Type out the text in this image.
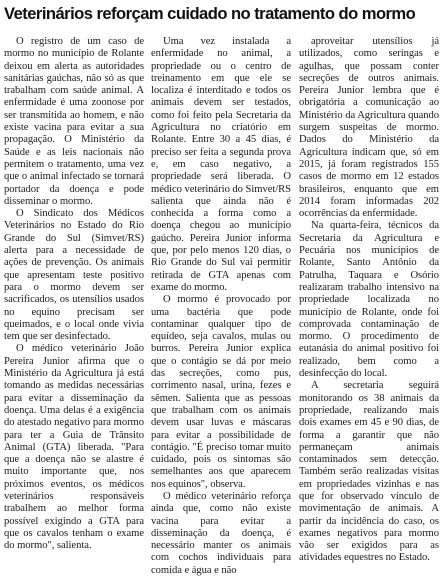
Veterinários reforçam cuidado no tratamento do mormo

O registro de um caso de mormo no município de Rolante deixou em alerta as autoridades sanitárias gaúchas, não só as que trabalham com saúde animal. A enfermidade é uma zoonose por ser transmitida ao homem, e não existe vacina para evitar a sua propagação. O Ministério da Saúde e as leis nacionais não permitem o tratamento, uma vez que o animal infectado se tornará portador da doença e pode disseminar o mormo.

O Sindicato dos Médicos Veterinários no Estado do Rio Grande do Sul (Simvet/RS) alerta para a necessidade de ações de prevenção. Os animais que apresentam teste positivo para o mormo devem ser sacrificados, os utensílios usados no equino precisam ser queimados, e o local onde vivia tem que ser desinfectado.

O médico veterinário João Pereira Junior afirma que o Ministério da Agricultura já está tomando as medidas necessárias para evitar a disseminação da doença. Uma delas é a exigência do atestado negativo para mormo para ter a Guia de Trânsito Animal (GTA) liberada. "Para que a doença não se alastre é muito importante que, nos próximos eventos, os médicos veterinários responsáveis trabalhem ao melhor forma possível exigindo a GTA para que os cavalos tenham o exame do mormo", salienta.

Uma vez instalada a enfermidade no animal, a propriedade ou o centro de treinamento em que ele se localiza é interditado e todos os animais devem ser testados, como foi feito pela Secretaria da Agricultura no criatório em Rolante. Entre 30 a 45 dias, é preciso ser feita a segunda prova e, em caso negativo, a propriedade será liberada. O médico veterinário do Simvet/RS salienta que ainda não é conhecida a forma como a doença chegou ao município gaúcho. Pereira Junior informa que, por pelo menos 120 dias, o Rio Grande do Sul vai permitir retirada de GTA apenas com exame do mormo.

O mormo é provocado por uma bactéria que pode contaminar qualquer tipo de equídeo, seja cavalos, mulas ou burros. Pereira Junior explica que o contágio se dá por meio das secreções, como pus, corrimento nasal, urina, fezes e sêmen. Salienta que as pessoas que trabalham com os animais devem usar luvas e máscaras para evitar a possibilidade de contágio. "É preciso tomar muito cuidado, pois os sintomas são semelhantes aos que aparecem nos equinos", observa.

O médico veterinário reforça ainda que, como não existe vacina para evitar a disseminação da doença, é necessário manter os animais com cochos individuais para comida e água e não

aproveitar utensílios já utilizados, como seringas e agulhas, que possam conter secreções de outros animais. Pereira Junior lembra que é obrigatória a comunicação ao Ministério da Agricultura quando surgem suspeitas de mormo. Dados do Ministério da Agricultura indicam que, só em 2015, já foram registrados 155 casos de mormo em 12 estados brasileiros, enquanto que em 2014 foram informadas 202 ocorrências da enfermidade.

Na quarta-feira, técnicos da Secretaria da Agricultura e Pecuária nos municípios de Rolante, Santo Antônio da Patrulha, Taquara e Osório realizaram trabalho intensivo na propriedade localizada no município de Rolante, onde foi comprovada contaminação de mormo. O procedimento de eutanásia do animal positivo foi realizado, bem como a desinfecção do local.

A secretaria seguirá monitorando os 38 animais da propriedade, realizando mais dois exames em 45 e 90 dias, de forma a garantir que não permaneçam animais contaminados sem detecção. Também serão realizadas visitas em propriedades vizinhas e nas que for observado vínculo de movimentação de animais. A partir da incidência do caso, os exames negativos para mormo vão ser exigidos para as atividades equestres no Estado.
